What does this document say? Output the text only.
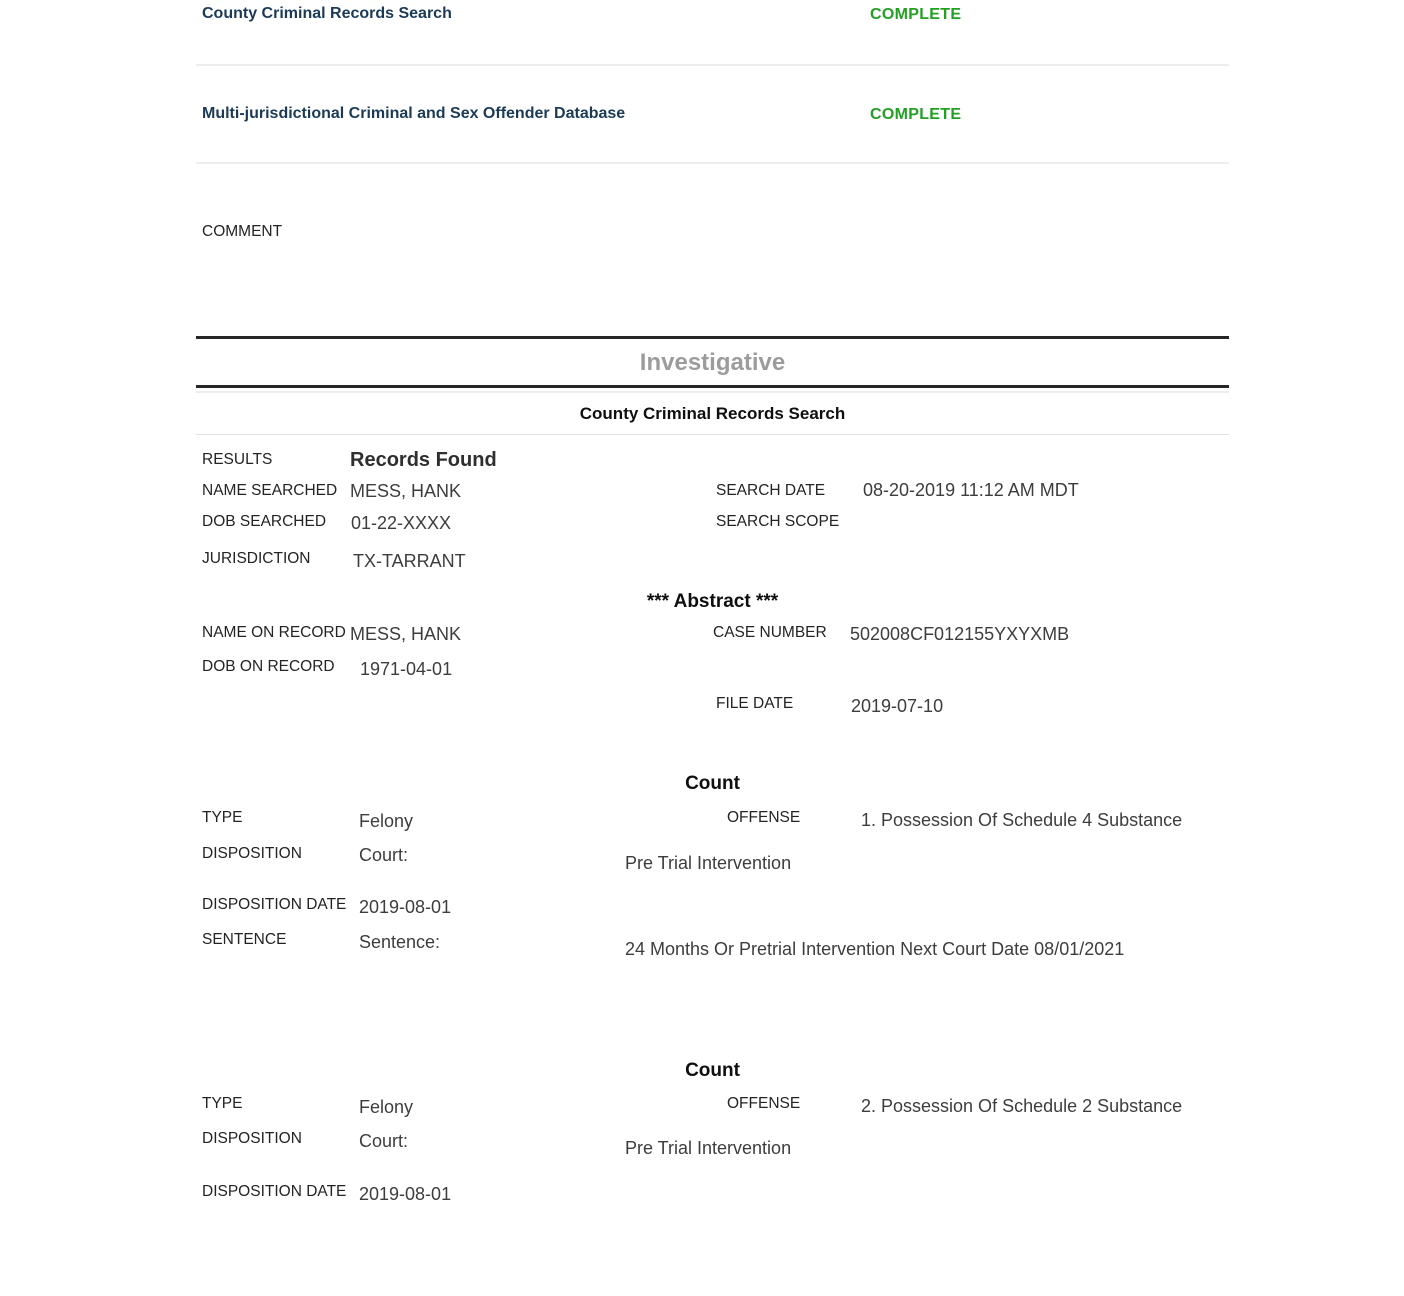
County Criminal Records Search	COMPLETE
Multi-jurisdictional Criminal and Sex Offender Database	COMPLETE
COMMENT
Investigative
County Criminal Records Search
RESULTS	Records Found
NAME SEARCHED MESS, HANK	SEARCH DATE 08-20-2019 11:12 AM MDT
DOB SEARCHED 01-22-XXXX	SEARCH SCOPE
JURISDICTION TX-TARRANT
*** Abstract ***
NAME ON RECORD MESS, HANK	CASE NUMBER 502008CF012155YXYXMB
DOB ON RECORD 1971-04-01
FILE DATE	2019-07-10
Count
TYPE	Felony	OFFENSE	1. Possession Of Schedule 4 Substance
DISPOSITION	Court:	Pre Trial Intervention
DISPOSITION DATE 2019-08-01
SENTENCE	Sentence:	24 Months Or Pretrial Intervention Next Court Date 08/01/2021
Count
TYPE	Felony	OFFENSE	2. Possession Of Schedule 2 Substance
DISPOSITION	Court:	Pre Trial Intervention
DISPOSITION DATE 2019-08-01
